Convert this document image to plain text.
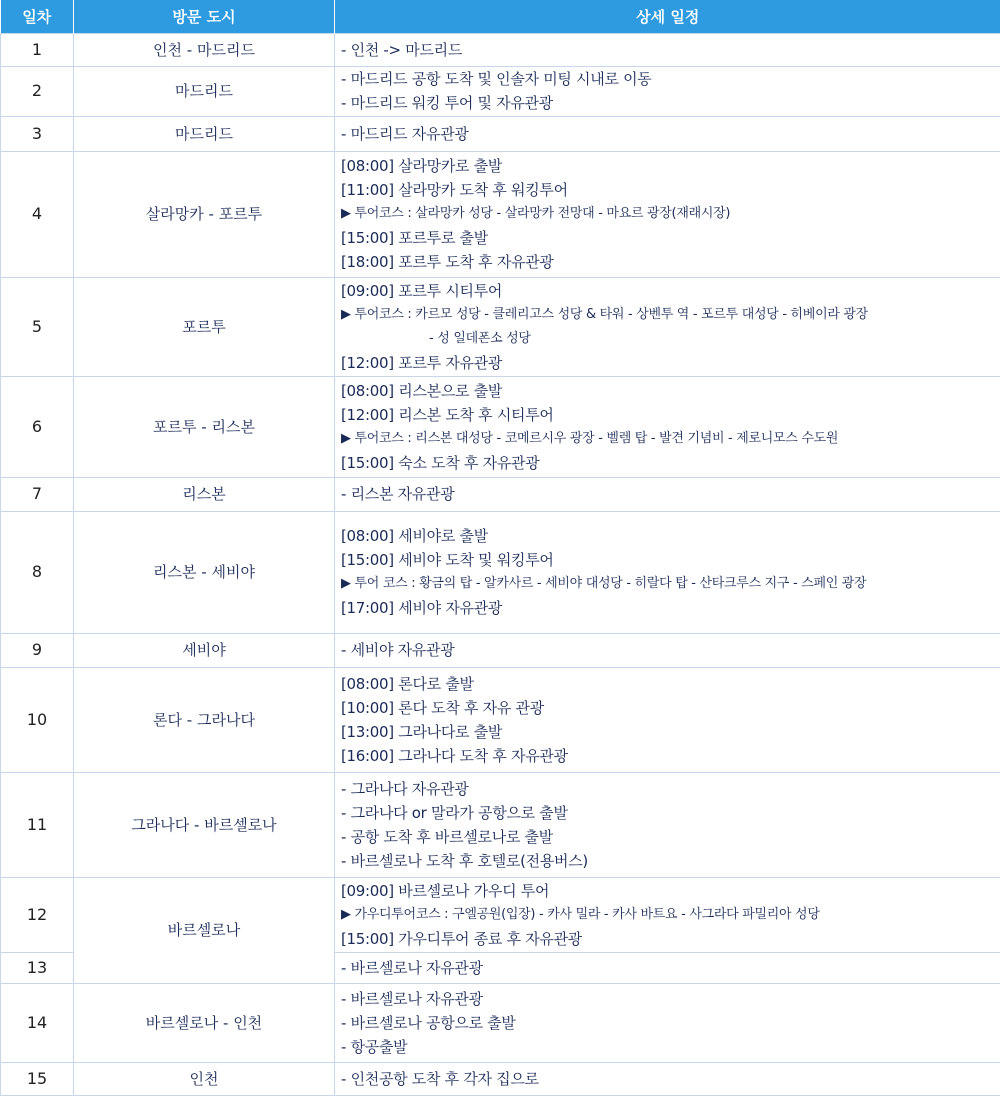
일차	방문 도시	상세 일정
1	인천 - 마드리드	- 인천 -> 마드리드

2	마드리드	- 마드리드 공항 도착 및 인솔자 미팅 시내로 이동
- 마드리드 워킹 투어 및 자유관광

3	마드리드	- 마드리드 자유관광

4	살라망카 - 포르투	[08:00] 살라망카로 출발
[11:00] 살라망카 도착 후 워킹투어
▶ 투어코스 : 살라망카 성당 - 살라망카 전망대 - 마요르 광장(재래시장)
[15:00] 포르투로 출발
[18:00] 포르투 도착 후 자유관광

5	포르투	[09:00] 포르투 시티투어
▶ 투어코스 : 카르모 성당 - 클레리고스 성당 & 타워 - 상벤투 역 - 포르투 대성당 - 히베이라 광장
- 성 일데폰소 성당
[12:00] 포르투 자유관광

6	포르투 - 리스본	[08:00] 리스본으로 출발
[12:00] 리스본 도착 후 시티투어
▶ 투어코스 : 리스본 대성당 - 코메르시우 광장 - 벨렘 탑 - 발견 기념비 - 제로니모스 수도원
[15:00] 숙소 도착 후 자유관광

7	리스본	- 리스본 자유관광

8	리스본 - 세비야	[08:00] 세비야로 출발
[15:00] 세비야 도착 및 워킹투어
▶ 투어 코스 : 황금의 탑 - 알카사르 - 세비야 대성당 - 히랄다 탑 - 산타크루스 지구 - 스페인 광장
[17:00] 세비야 자유관광

9	세비야	- 세비야 자유관광

10	론다 - 그라나다	[08:00] 론다로 출발
[10:00] 론다 도착 후 자유 관광
[13:00] 그라나다로 출발
[16:00] 그라나다 도착 후 자유관광

11	그라나다 - 바르셀로나	- 그라나다 자유관광
- 그라나다 or 말라가 공항으로 출발
- 공항 도착 후 바르셀로나로 출발
- 바르셀로나 도착 후 호텔로(전용버스)

12	바르셀로나	[09:00] 바르셀로나 가우디 투어
▶ 가우디투어코스 : 구엘공원(입장) - 카사 밀라 - 카사 바트요 - 사그라다 파밀리아 성당
[15:00] 가우디투어 종료 후 자유관광

13		- 바르셀로나 자유관광

14	바르셀로나 - 인천	- 바르셀로나 자유관광
- 바르셀로나 공항으로 출발
- 항공출발

15	인천	- 인천공항 도착 후 각자 집으로
